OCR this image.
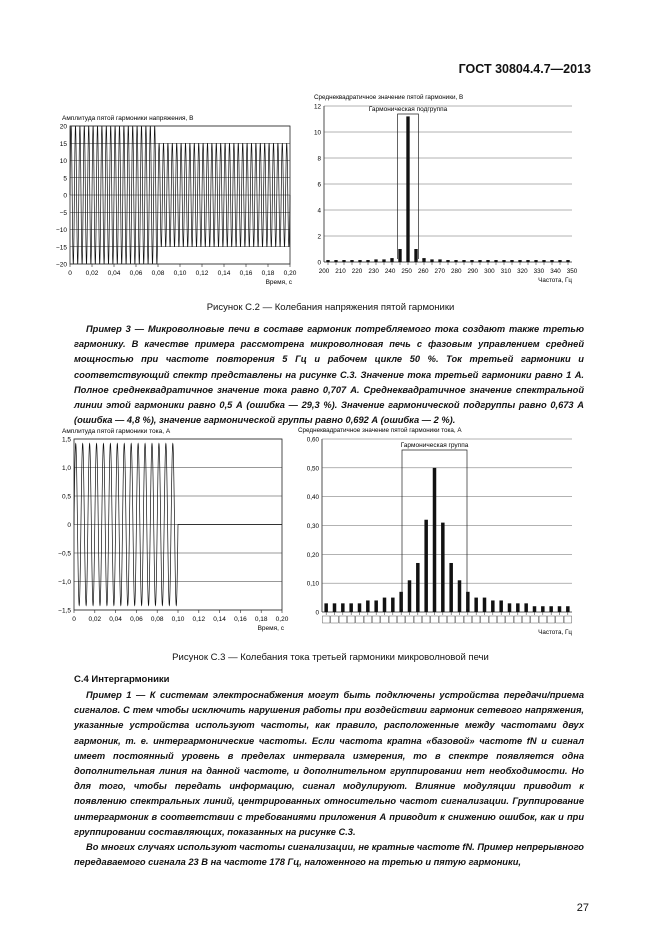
ГОСТ 30804.4.7—2013
Амплитуда пятой гармоники напряжения, В
20
15
10
5
0
−5
−10
−15
−20
0 0,02 0,04 0,06 0,08 0,10 0,12 0,14 0,16 0,18 0,20
Время, с
Среднеквадратичное значение пятой гармоники, В
12
10
8
6
4
2
0
200 210 220 230 240 250 260 270 280 290 300 310 320 330 340 350
Частота, Гц
Гармоническая подгруппа
Рисунок С.2 — Колебания напряжения пятой гармоники
Пример 3 — Микроволновые печи в составе гармоник потребляемого тока создают также третью гармонику. В качестве примера рассмотрена микроволновая печь с фазовым управлением средней мощностью при частоте повторения 5 Гц и рабочем цикле 50 %. Ток третьей гармоники и соответствующий спектр представлены на рисунке С.3. Значение тока третьей гармоники равно 1 А. Полное среднеквадратичное значение тока равно 0,707 А. Среднеквадратичное значение спектральной линии этой гармоники равно 0,5 А (ошибка — 29,3 %). Значение гармонической подгруппы равно 0,673 А (ошибка — 4,8 %), значение гармонической группы равно 0,692 А (ошибка — 2 %).
Амплитуда пятой гармоники тока, А
1,5
1,0
0,5
0
−0,5
−1,0
−1,5
0 0,02 0,04 0,06 0,08 0,10 0,12 0,14 0,16 0,18 0,20
Время, с
Среднеквадратичное значение пятой гармоники тока, А
0,60
0,50
0,40
0,30
0,20
0,10
0
Частота, Гц
Гармоническая группа
Рисунок С.3 — Колебания тока третьей гармоники микроволновой печи
С.4 Интергармоники
Пример 1 — К системам электроснабжения могут быть подключены устройства передачи/приема сигналов. С тем чтобы исключить нарушения работы при воздействии гармоник сетевого напряжения, указанные устройства используют частоты, как правило, расположенные между частотами двух гармоник, т. е. интергармонические частоты. Если частота кратна «базовой» частоте fN и сигнал имеет постоянный уровень в пределах интервала измерения, то в спектре появляется одна дополнительная линия на данной частоте, и дополнительном группировании нет необходимости. Но для того, чтобы передать информацию, сигнал модулируют. Влияние модуляции приводит к появлению спектральных линий, центрированных относительно частот сигнализации. Группирование интергармоник в соответствии с требованиями приложения А приводит к снижению ошибок, как и при группировании составляющих, показанных на рисунке С.3.
Во многих случаях используют частоты сигнализации, не кратные частоте fN. Пример непрерывного передаваемого сигнала 23 В на частоте 178 Гц, наложенного на третью и пятую гармоники,
27
